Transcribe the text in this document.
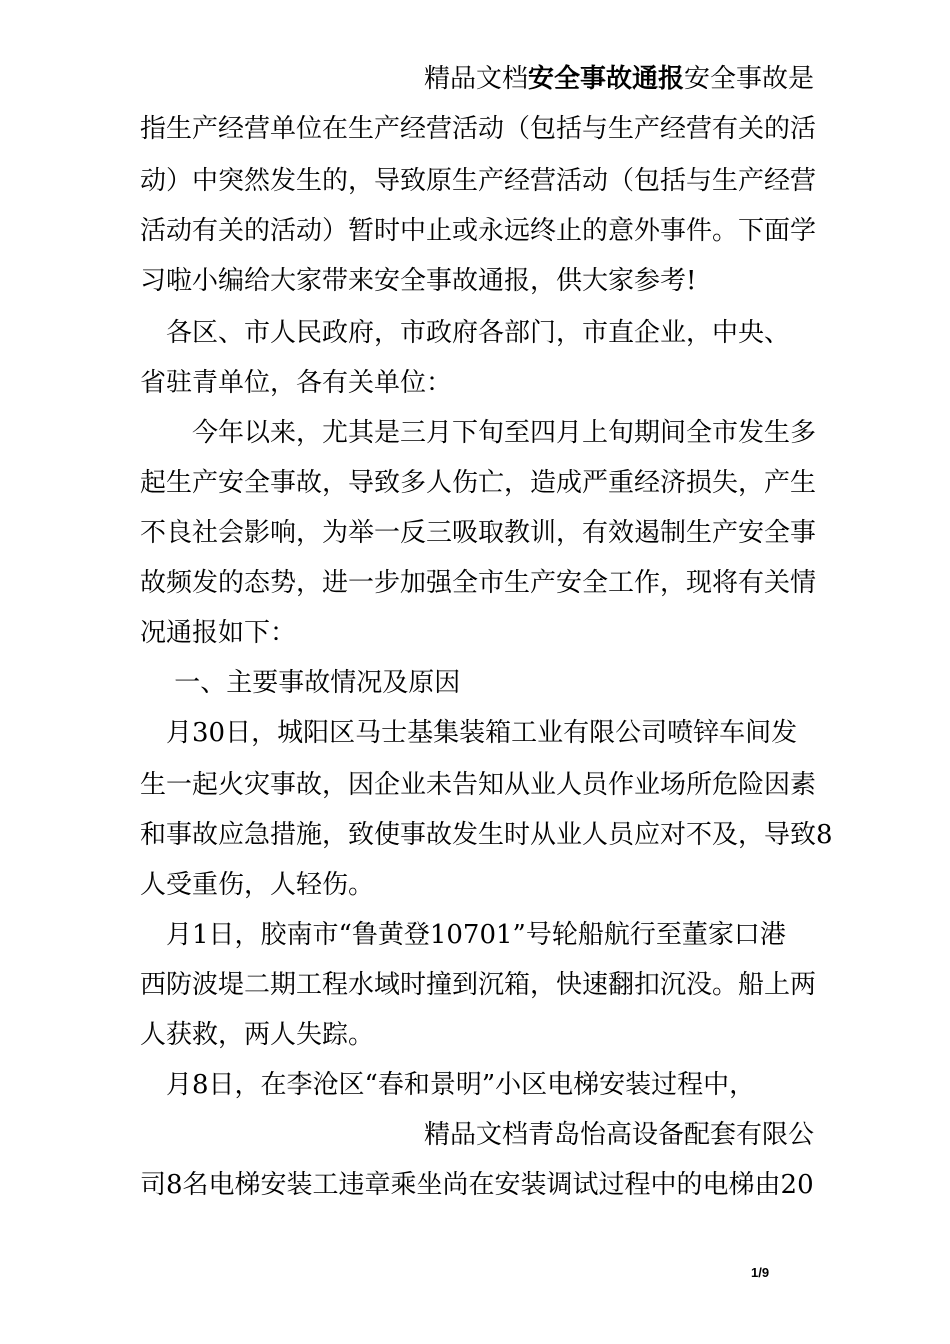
精品文档安全事故通报安全事故是
指生产经营单位在生产经营活动（包括与生产经营有关的活
动）中突然发生的，导致原生产经营活动（包括与生产经营
活动有关的活动）暂时中止或永远终止的意外事件。下面学
习啦小编给大家带来安全事故通报，供大家参考!
　各区、市人民政府，市政府各部门，市直企业，中央、
省驻青单位，各有关单位：
　　今年以来，尤其是三月下旬至四月上旬期间全市发生多
起生产安全事故，导致多人伤亡，造成严重经济损失，产生
不良社会影响，为举一反三吸取教训，有效遏制生产安全事
故频发的态势，进一步加强全市生产安全工作，现将有关情
况通报如下：
　 一、主要事故情况及原因
　月30日，城阳区马士基集装箱工业有限公司喷锌车间发
生一起火灾事故，因企业未告知从业人员作业场所危险因素
和事故应急措施，致使事故发生时从业人员应对不及，导致8
人受重伤，人轻伤。
　月1日，胶南市“鲁黄登10701”号轮船航行至董家口港
西防波堤二期工程水域时撞到沉箱，快速翻扣沉没。船上两
人获救，两人失踪。
　月8日，在李沧区“春和景明”小区电梯安装过程中，
精品文档青岛怡高设备配套有限公
司8名电梯安装工违章乘坐尚在安装调试过程中的电梯由20
1/9
